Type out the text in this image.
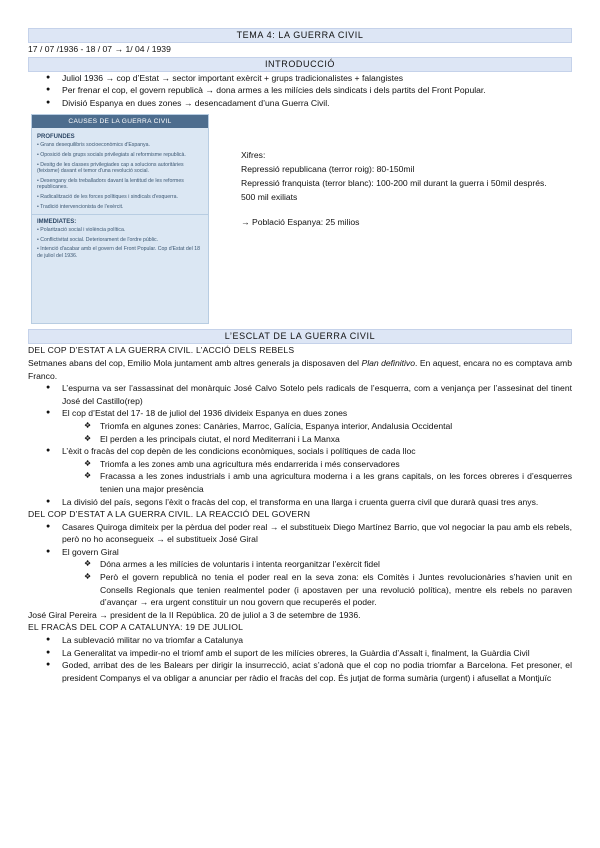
TEMA 4: LA GUERRA CIVIL
17 / 07 /1936 - 18 / 07 → 1/ 04 / 1939
INTRODUCCIÓ
● Juliol 1936 → cop d’Estat → sector important exèrcit + grups tradicionalistes + falangistes
● Per frenar el cop, el govern republicà → dona armes a les milícies dels sindicats i dels partits del Front Popular.
● Divisió Espanya en dues zones → desencadament d’una Guerra Civil.
CAUSES DE LA GUERRA CIVIL
PROFUNDES
• Grans desequilibris socioeconòmics d'Espanya.
• Oposició dels grups socials privilegiats al reformisme republicà.
• Desitg de les classes privilegiades cap a solucions autoritàries (feixisme) davant el temor d'una revolució social.
• Desengany dels treballadors davant la lentitud de les reformes republicanes.
• Radicalització de les forces polítiques i sindicals d'esquerra.
• Tradició intervencionista de l'exèrcit.
IMMEDIATES:
• Polarització social i violència política.
• Conflictivitat social. Deteriorament de l'ordre públic.
• Intenció d'acabar amb el govern del Front Popular. Cop d'Estat del 18 de juliol del 1936.
Xifres:
Repressió republicana (terror roig): 80-150mil
Repressió franquista (terror blanc): 100-200 mil durant la guerra i 50mil després.
500 mil exiliats
→ Població Espanya: 25 milios
L’ESCLAT DE LA GUERRA CIVIL
DEL COP D’ESTAT A LA GUERRA CIVIL. L’ACCIÓ DELS REBELS
Setmanes abans del cop, Emilio Mola juntament amb altres generals ja disposaven del Plan definitivo. En aquest, encara no es comptava amb Franco.
● L’espurna va ser l’assassinat del monàrquic José Calvo Sotelo pels radicals de l’esquerra, com a venjança per l’assesinat del tinent José del Castillo(rep)
● El cop d’Estat del 17- 18 de juliol del 1936 divideix Espanya en dues zones
❖ Triomfa en algunes zones: Canàries, Marroc, Galícia, Espanya interior, Andalusia Occidental
❖ El perden a les principals ciutat, el nord Mediterrani i La Manxa
● L’èxit o fracàs del cop depèn de les condicions econòmiques, socials i polítiques de cada lloc
❖ Triomfa a les zones amb una agricultura més endarrerida i més conservadores
❖ Fracassa a les zones industrials i amb una agricultura moderna i a les grans capitals, on les forces obreres i d’esquerres tenien una major presència
● La divisió del país, segons l’èxit o fracàs del cop, el transforma en una llarga i cruenta guerra civil que durarà quasi tres anys.
DEL COP D’ESTAT A LA GUERRA CIVIL. LA REACCIÓ DEL GOVERN
● Casares Quiroga dimiteix per la pèrdua del poder real → el substitueix Diego Martínez Barrio, que vol negociar la pau amb els rebels, però no ho aconsegueix → el substitueix José Giral
● El govern Giral
❖ Dóna armes a les milícies de voluntaris i intenta reorganitzar l’exèrcit fidel
❖ Però el govern republicà no tenia el poder real en la seva zona: els Comitès i Juntes revolucionàries s’havien unit en Consells Regionals que tenien realmentel poder (i apostaven per una revolució política), mentre els rebels no paraven d’avançar → era urgent constituir un nou govern que recuperés el poder.
José Giral Pereira → president de la II República. 20 de juliol a 3 de setembre de 1936.
EL FRACÀS DEL COP A CATALUNYA: 19 DE JULIOL
● La sublevació militar no va triomfar a Catalunya
● La Generalitat va impedir-no el triomf amb el suport de les milícies obreres, la Guàrdia d’Assalt i, finalment, la Guàrdia Civil
● Goded, arribat des de les Balears per dirigir la insurrecció, aciat s’adonà que el cop no podia triomfar a Barcelona. Fet presoner, el president Companys el va obligar a anunciar per ràdio el fracàs del cop. És jutjat de forma sumària (urgent) i afusellat a Montjuïc
